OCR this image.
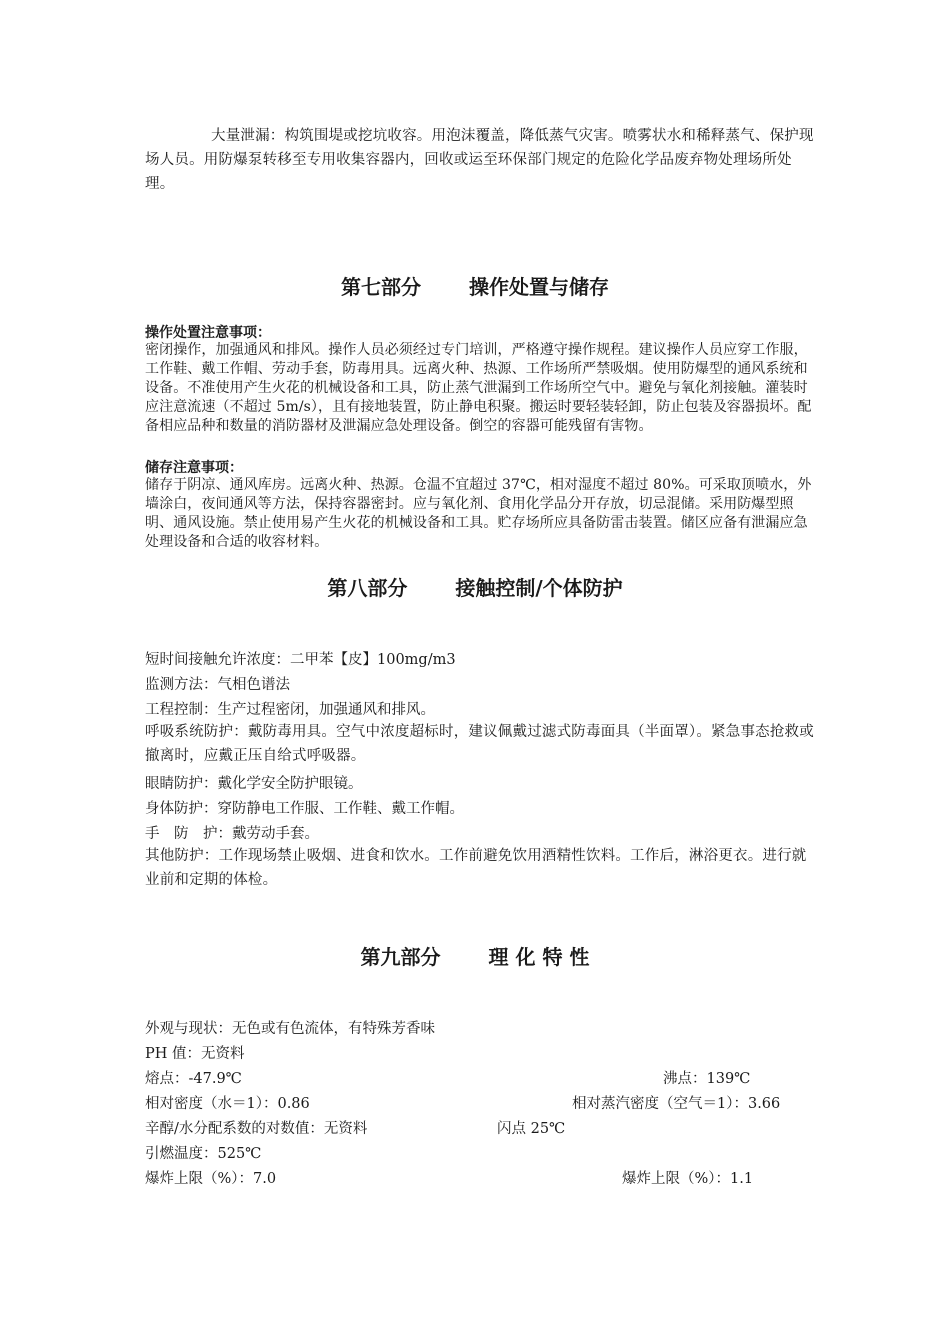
大量泄漏：构筑围堤或挖坑收容。用泡沫覆盖，降低蒸气灾害。喷雾状水和稀释蒸气、保护现场人员。用防爆泵转移至专用收集容器内，回收或运至环保部门规定的危险化学品废弃物处理场所处理。
第七部分 操作处置与储存
操作处置注意事项：
密闭操作，加强通风和排风。操作人员必须经过专门培训，严格遵守操作规程。建议操作人员应穿工作服，工作鞋、戴工作帽、劳动手套，防毒用具。远离火种、热源、工作场所严禁吸烟。使用防爆型的通风系统和设备。不准使用产生火花的机械设备和工具，防止蒸气泄漏到工作场所空气中。避免与氧化剂接触。灌装时应注意流速（不超过 5m/s），且有接地装置，防止静电积聚。搬运时要轻装轻卸，防止包装及容器损坏。配备相应品种和数量的消防器材及泄漏应急处理设备。倒空的容器可能残留有害物。
储存注意事项：
储存于阴凉、通风库房。远离火种、热源。仓温不宜超过 37℃，相对湿度不超过 80%。可采取顶喷水，外墙涂白，夜间通风等方法，保持容器密封。应与氧化剂、食用化学品分开存放，切忌混储。采用防爆型照明、通风设施。禁止使用易产生火花的机械设备和工具。贮存场所应具备防雷击装置。储区应备有泄漏应急处理设备和合适的收容材料。
第八部分 接触控制/个体防护
短时间接触允许浓度：二甲苯【皮】100mg/m3
监测方法：气相色谱法
工程控制：生产过程密闭，加强通风和排风。
呼吸系统防护：戴防毒用具。空气中浓度超标时，建议佩戴过滤式防毒面具（半面罩）。紧急事态抢救或撤离时，应戴正压自给式呼吸器。
眼睛防护：戴化学安全防护眼镜。
身体防护：穿防静电工作服、工作鞋、戴工作帽。
手　防　护：戴劳动手套。
其他防护：工作现场禁止吸烟、进食和饮水。工作前避免饮用酒精性饮料。工作后，淋浴更衣。进行就业前和定期的体检。
第九部分 理 化 特 性
外观与现状：无色或有色流体，有特殊芳香味
PH 值：无资料
熔点：-47.9℃	沸点：139℃
相对密度（水＝1）：0.86	相对蒸汽密度（空气＝1）：3.66
辛醇/水分配系数的对数值：无资料	闪点 25℃
引燃温度：525℃
爆炸上限（%）：7.0	爆炸上限（%）：1.1
